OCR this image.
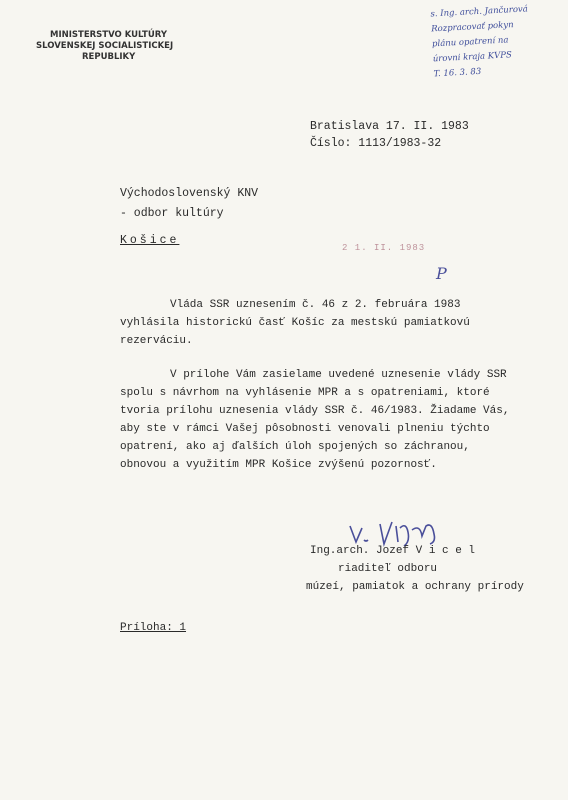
MINISTERSTVO KULTÚRY
SLOVENSKEJ SOCIALISTICKEJ
REPUBLIKY
s. Ing. arch. Jančurová
Rozpracovať pokyn
plánu opatrení na
úrovni kraja KVPS
T. 16. 3. 83
Bratislava 17. II. 1983
Číslo: 1113/1983-32
Východoslovenský KNV
- odbor kultúry
Košice
2 1. II. 1983
P

Vláda SSR uznesením č. 46 z 2. februára 1983 vyhlásila historickú časť Košíc za mestskú pamiatkovú rezerváciu.

V prílohe Vám zasielame uvedené uznesenie vlády SSR spolu s návrhom na vyhlásenie MPR a s opatreniami, ktoré tvoria prílohu uznesenia vlády SSR č. 46/1983. Žiadame Vás, aby ste v rámci Vašej pôsobnosti venovali plneniu týchto opatrení, ako aj ďalších úloh spojených so záchranou, obnovou a využitím MPR Košice zvýšenú pozornosť.

Ing.arch. Jozef V i c e l
riaditeľ odboru
múzeí, pamiatok a ochrany prírody
Príloha: 1
